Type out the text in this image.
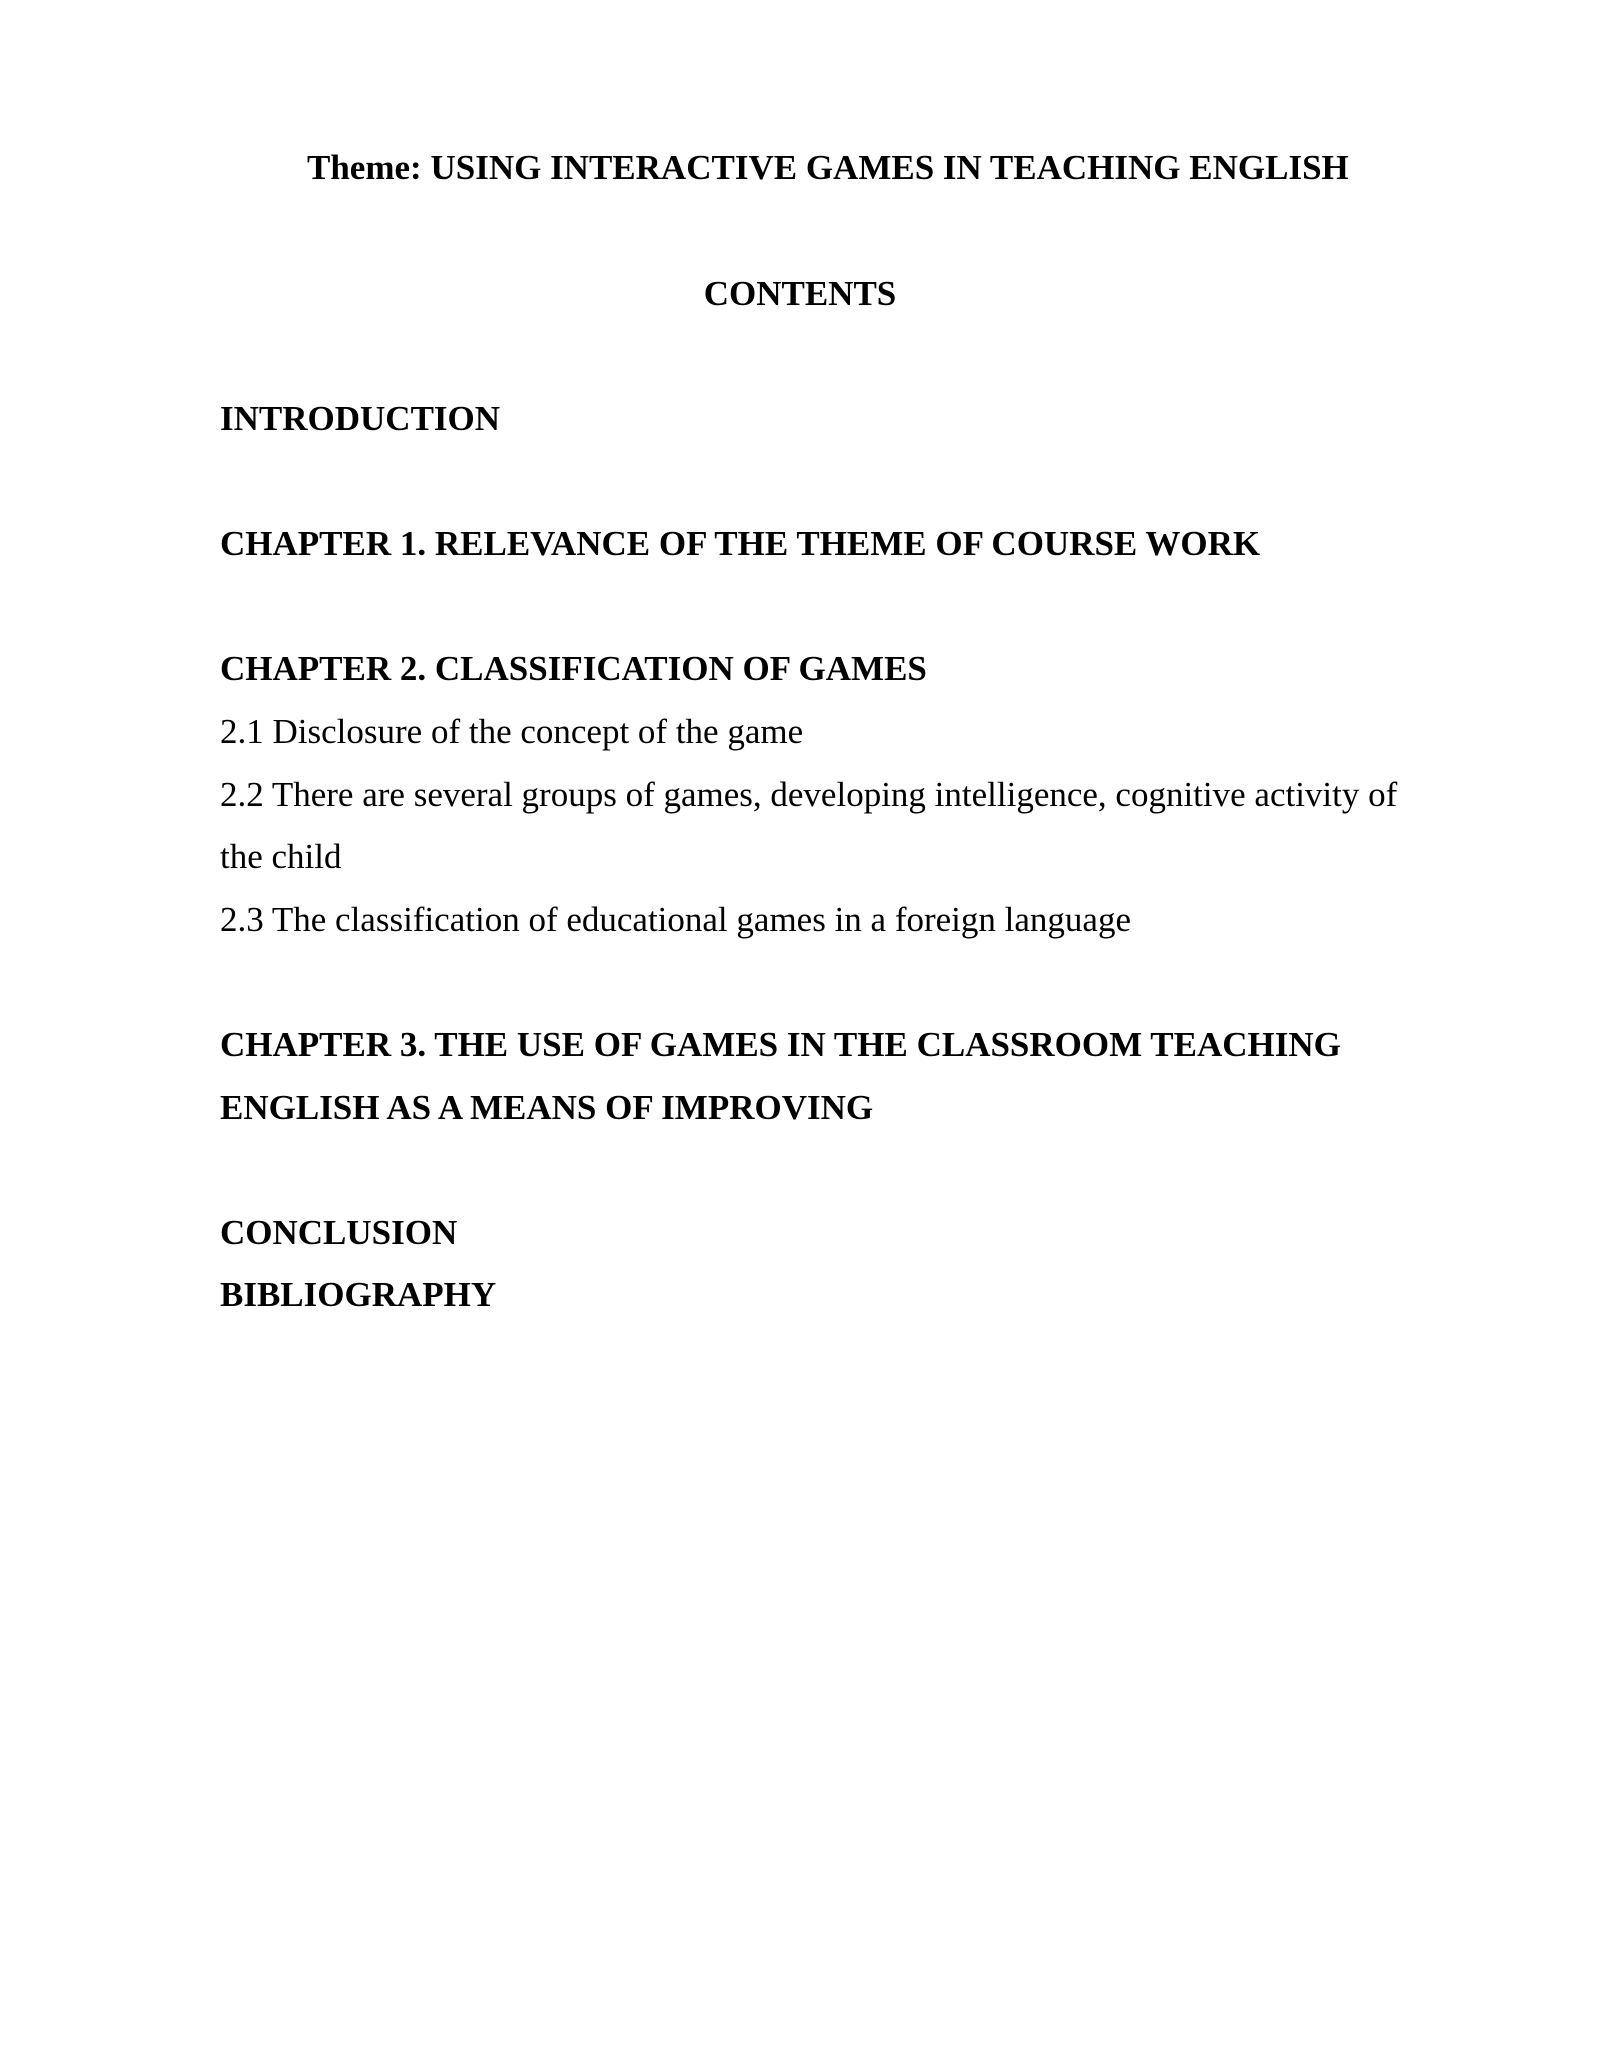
Theme: USING INTERACTIVE GAMES IN TEACHING ENGLISH
CONTENTS
INTRODUCTION
CHAPTER 1. RELEVANCE OF THE THEME OF COURSE WORK
CHAPTER 2. CLASSIFICATION OF GAMES
2.1 Disclosure of the concept of the game
2.2 There are several groups of games, developing intelligence, cognitive activity of
the child
2.3 The classification of educational games in a foreign language
CHAPTER 3. THE USE OF GAMES IN THE CLASSROOM TEACHING
ENGLISH AS A MEANS OF IMPROVING
CONCLUSION
BIBLIOGRAPHY
